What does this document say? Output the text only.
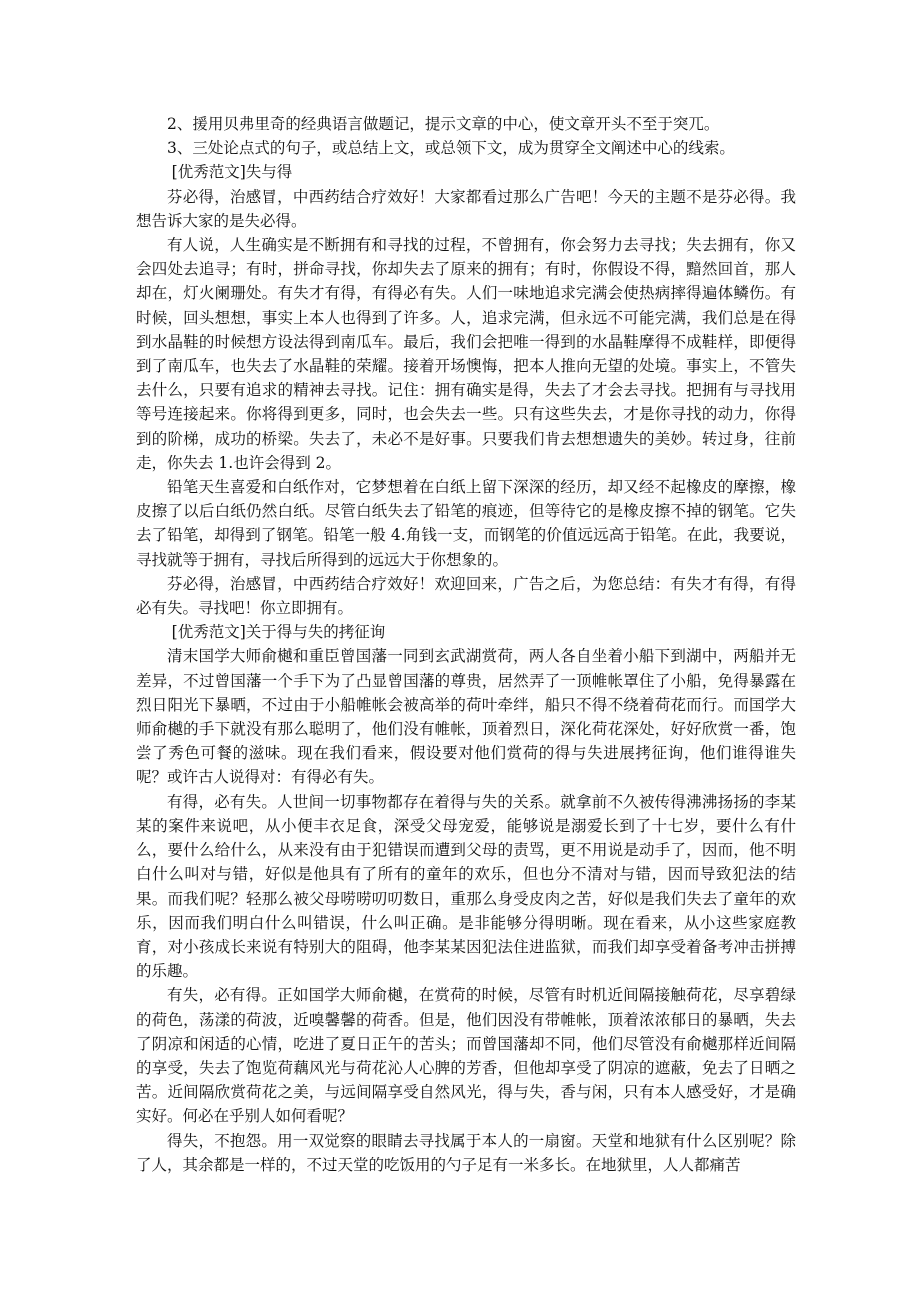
2、援用贝弗里奇的经典语言做题记，提示文章的中心，使文章开头不至于突兀。

3、三处论点式的句子，或总结上文，或总领下文，成为贯穿全文阐述中心的线索。

[优秀范文]失与得

芬必得，治感冒，中西药结合疗效好！大家都看过那么广告吧！今天的主题不是芬必得。我想告诉大家的是失必得。

有人说，人生确实是不断拥有和寻找的过程，不曾拥有，你会努力去寻找；失去拥有，你又会四处去追寻；有时，拼命寻找，你却失去了原来的拥有；有时，你假设不得，黯然回首，那人却在，灯火阑珊处。有失才有得，有得必有失。人们一味地追求完满会使热病摔得遍体鳞伤。有时候，回头想想，事实上本人也得到了许多。人，追求完满，但永远不可能完满，我们总是在得到水晶鞋的时候想方设法得到南瓜车。最后，我们会把唯一得到的水晶鞋摩得不成鞋样，即便得到了南瓜车，也失去了水晶鞋的荣耀。接着开场懊悔，把本人推向无望的处境。事实上，不管失去什么，只要有追求的精神去寻找。记住：拥有确实是得，失去了才会去寻找。把拥有与寻找用等号连接起来。你将得到更多，同时，也会失去一些。只有这些失去，才是你寻找的动力，你得到的阶梯，成功的桥梁。失去了，未必不是好事。只要我们肯去想想遗失的美妙。转过身，往前走，你失去 1.也许会得到 2。

铅笔天生喜爱和白纸作对，它梦想着在白纸上留下深深的经历，却又经不起橡皮的摩擦，橡皮擦了以后白纸仍然白纸。尽管白纸失去了铅笔的痕迹，但等待它的是橡皮擦不掉的钢笔。它失去了铅笔，却得到了钢笔。铅笔一般 4.角钱一支，而钢笔的价值远远高于铅笔。在此，我要说，寻找就等于拥有，寻找后所得到的远远大于你想象的。

芬必得，治感冒，中西药结合疗效好！欢迎回来，广告之后，为您总结：有失才有得，有得必有失。寻找吧！你立即拥有。

[优秀范文]关于得与失的拷征询

清末国学大师俞樾和重臣曾国藩一同到玄武湖赏荷，两人各自坐着小船下到湖中，两船并无差异，不过曾国藩一个手下为了凸显曾国藩的尊贵，居然弄了一顶帷帐罩住了小船，免得暴露在烈日阳光下暴晒，不过由于小船帷帐会被高举的荷叶牵绊，船只不得不绕着荷花而行。而国学大师俞樾的手下就没有那么聪明了，他们没有帷帐，顶着烈日，深化荷花深处，好好欣赏一番，饱尝了秀色可餐的滋味。现在我们看来，假设要对他们赏荷的得与失进展拷征询，他们谁得谁失呢？或许古人说得对：有得必有失。

有得，必有失。人世间一切事物都存在着得与失的关系。就拿前不久被传得沸沸扬扬的李某某的案件来说吧，从小便丰衣足食，深受父母宠爱，能够说是溺爱长到了十七岁，要什么有什么，要什么给什么，从来没有由于犯错误而遭到父母的责骂，更不用说是动手了，因而，他不明白什么叫对与错，好似是他具有了所有的童年的欢乐，但也分不清对与错，因而导致犯法的结果。而我们呢？轻那么被父母唠唠叨叨数日，重那么身受皮肉之苦，好似是我们失去了童年的欢乐，因而我们明白什么叫错误，什么叫正确。是非能够分得明晰。现在看来，从小这些家庭教育，对小孩成长来说有特别大的阻碍，他李某某因犯法住进监狱，而我们却享受着备考冲击拼搏的乐趣。

有失，必有得。正如国学大师俞樾，在赏荷的时候，尽管有时机近间隔接触荷花，尽享碧绿的荷色，荡漾的荷波，近嗅馨馨的荷香。但是，他们因没有带帷帐，顶着浓浓郁日的暴晒，失去了阴凉和闲适的心情，吃进了夏日正午的苦头；而曾国藩却不同，他们尽管没有俞樾那样近间隔的享受，失去了饱览荷藕风光与荷花沁人心脾的芳香，但他却享受了阴凉的遮蔽，免去了日晒之苦。近间隔欣赏荷花之美，与远间隔享受自然风光，得与失，香与闲，只有本人感受好，才是确实好。何必在乎别人如何看呢？

得失，不抱怨。用一双觉察的眼睛去寻找属于本人的一扇窗。天堂和地狱有什么区别呢？除了人，其余都是一样的，不过天堂的吃饭用的勺子足有一米多长。在地狱里，人人都痛苦
